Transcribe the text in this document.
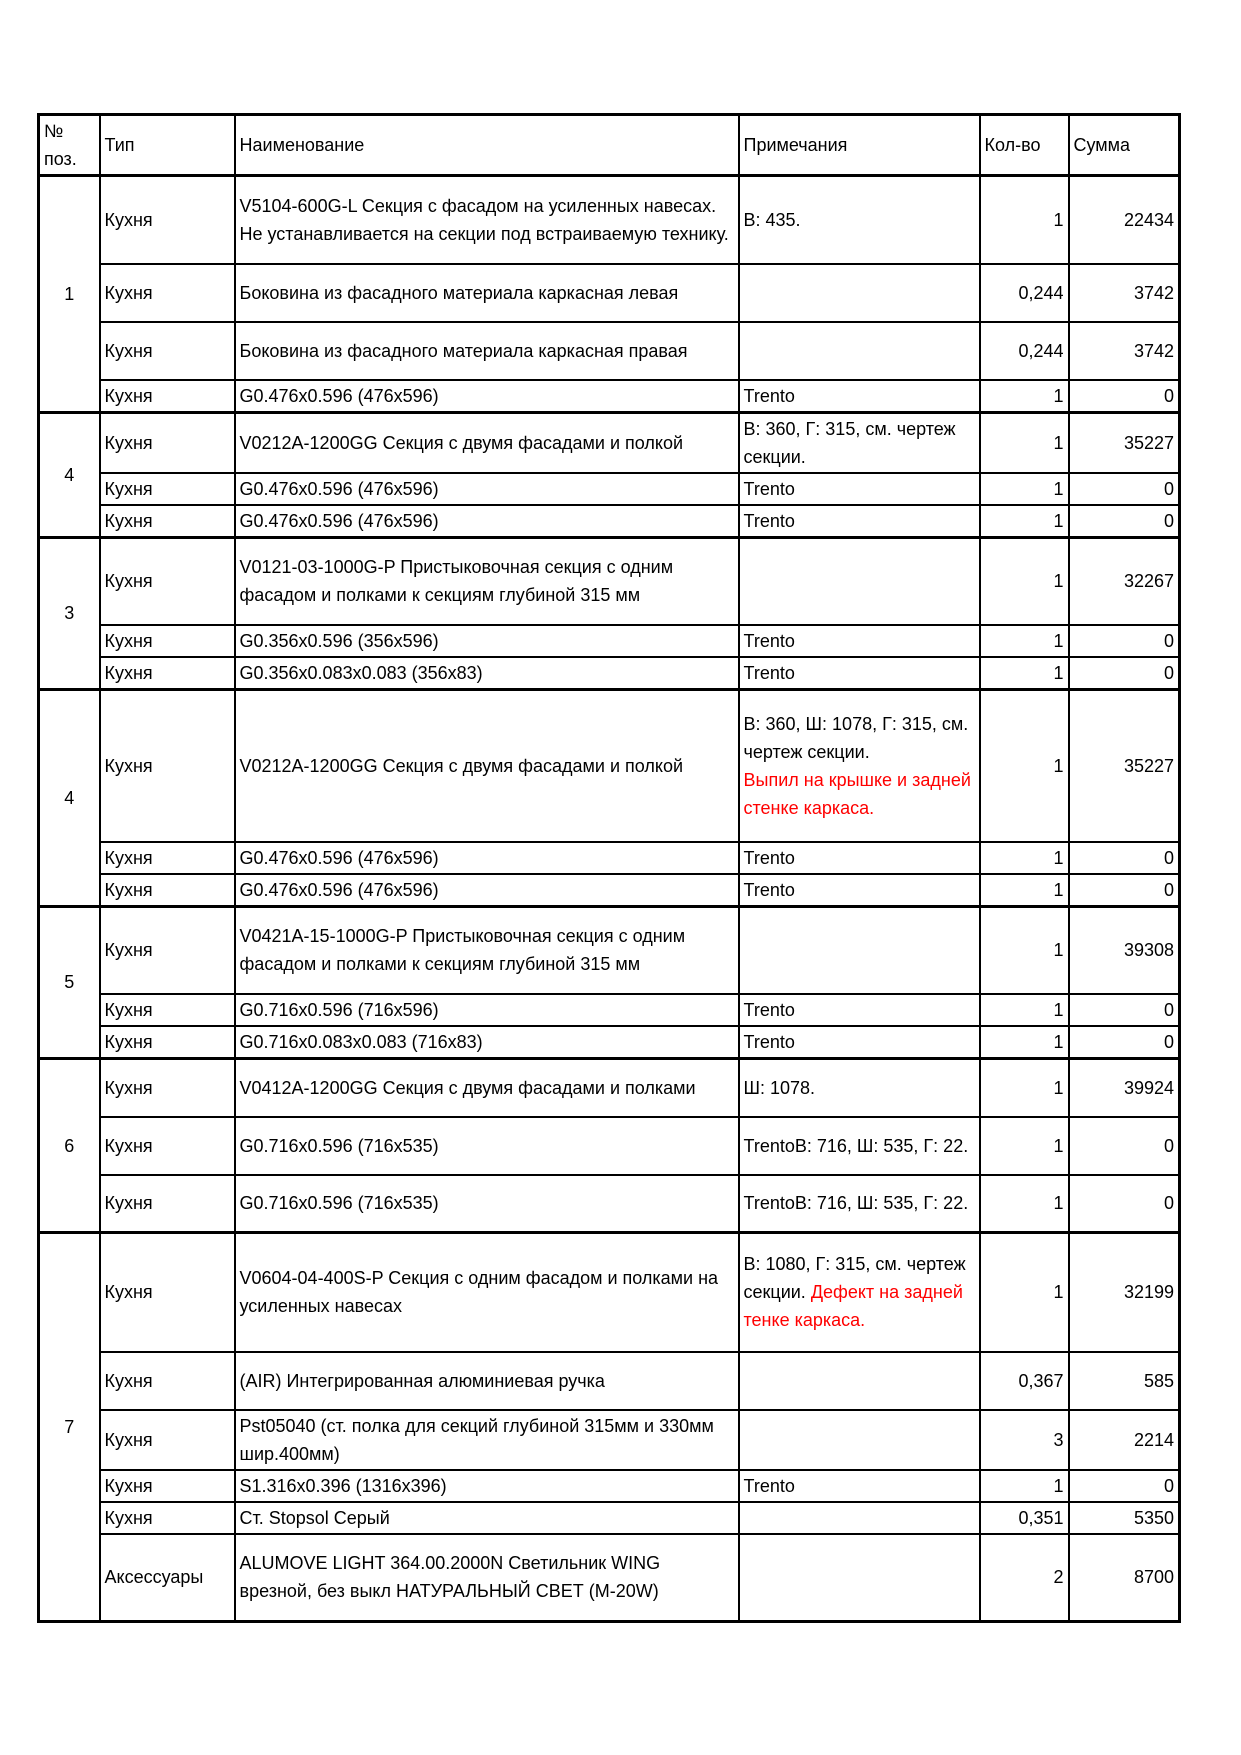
№ поз.	Тип	Наименование	Примечания	Кол-во	Сумма
1	Кухня	V5104-600G-L Секция с фасадом на усиленных навесах. Не устанавливается на секции под встраиваемую технику.	В: 435.	1	22434
	Кухня	Боковина из фасадного материала каркасная левая		0,244	3742
	Кухня	Боковина из фасадного материала каркасная правая		0,244	3742
	Кухня	G0.476x0.596 (476x596)	Trento	1	0
4	Кухня	V0212A-1200GG Секция с двумя фасадами и полкой	В: 360, Г: 315, см. чертеж секции.	1	35227
	Кухня	G0.476x0.596 (476x596)	Trento	1	0
	Кухня	G0.476x0.596 (476x596)	Trento	1	0
3	Кухня	V0121-03-1000G-P Пристыковочная секция с одним фасадом и полками к секциям глубиной 315 мм		1	32267
	Кухня	G0.356x0.596 (356x596)	Trento	1	0
	Кухня	G0.356x0.083x0.083 (356x83)	Trento	1	0
4	Кухня	V0212A-1200GG Секция с двумя фасадами и полкой	В: 360, Ш: 1078, Г: 315, см. чертеж секции.
Выпил на крышке и задней стенке каркаса.	1	35227
	Кухня	G0.476x0.596 (476x596)	Trento	1	0
	Кухня	G0.476x0.596 (476x596)	Trento	1	0
5	Кухня	V0421A-15-1000G-P Пристыковочная секция с одним фасадом и полками к секциям глубиной 315 мм		1	39308
	Кухня	G0.716x0.596 (716x596)	Trento	1	0
	Кухня	G0.716x0.083x0.083 (716x83)	Trento	1	0
6	Кухня	V0412A-1200GG Секция с двумя фасадами и полками	Ш: 1078.	1	39924
	Кухня	G0.716x0.596 (716x535)	TrentoВ: 716, Ш: 535, Г: 22.	1	0
	Кухня	G0.716x0.596 (716x535)	TrentoВ: 716, Ш: 535, Г: 22.	1	0
7	Кухня	V0604-04-400S-P Секция с одним фасадом и полками на усиленных навесах	В: 1080, Г: 315, см. чертеж секции. Дефект на задней тенке каркаса.	1	32199
	Кухня	(AIR) Интегрированная алюминиевая ручка		0,367	585
	Кухня	Pst05040 (ст. полка для секций глубиной 315мм и 330мм шир.400мм)		3	2214
	Кухня	S1.316x0.396 (1316x396)	Trento	1	0
	Кухня	Ст. Stopsol Серый		0,351	5350
	Аксессуары	ALUMOVE LIGHT 364.00.2000N Светильник WING врезной, без выкл НАТУРАЛЬНЫЙ СВЕТ (М-20W)		2	8700
